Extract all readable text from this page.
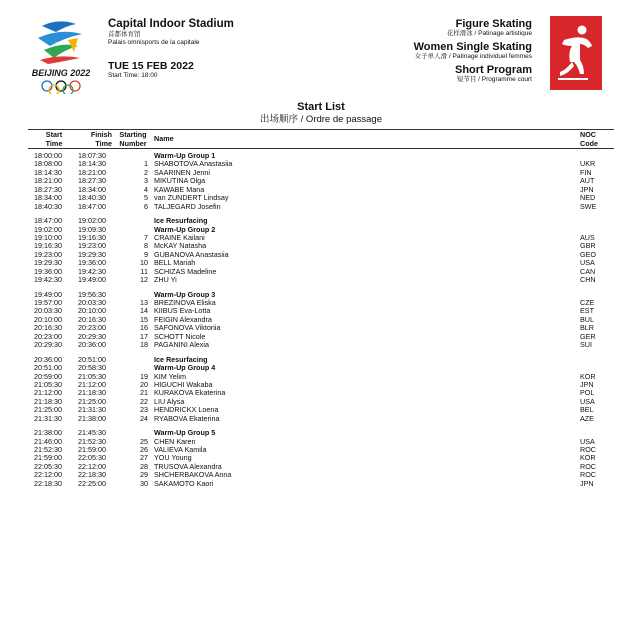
BEIJING 2022
Capital Indoor Stadium
首都体育馆
Palais omnisports de la capitale
TUE 15 FEB 2022
Start Time: 18:00
Figure Skating
花样滑冰 / Patinage artistique
Women Single Skating
女子单人滑 / Patinage individuel femmes
Short Program
短节目 / Programme court
Start List
出场顺序 / Ordre de passage
Start
Time
Finish
Time
Starting
Number	Name	NOC
Code
18:00:00 18:07:30	Warm-Up Group 1
18:08:00 18:14:30	1 SHABOTOVA Anastasiia	UKR
18:14:30 18:21:00	2 SAARINEN Jenni	FIN
18:21:00 18:27:30	3 MIKUTINA Olga	AUT
18:27:30 18:34:00	4 KAWABE Mana	JPN
18:34:00 18:40:30	5 van ZUNDERT Lindsay	NED
18:40:30 18:47:00	6 TALJEGARD Josefin	SWE
18:47:00 19:02:00	Ice Resurfacing
19:02:00 19:09:30	Warm-Up Group 2
19:10:00 19:16:30	7 CRAINE Kailani	AUS
19:16:30 19:23:00	8 McKAY Natasha	GBR
19:23:00 19:29:30	9 GUBANOVA Anastasiia	GEO
19:29:30 19:36:00	10 BELL Mariah	USA
19:36:00 19:42:30	11 SCHIZAS Madeline	CAN
19:42:30 19:49:00	12 ZHU Yi	CHN
19:49:00 19:56:30	Warm-Up Group 3
19:57:00 20:03:30	13 BREZINOVA Eliska	CZE
20:03:30 20:10:00	14 KIIBUS Eva-Lotta	EST
20:10:00 20:16:30	15 FEIGIN Alexandra	BUL
20:16:30 20:23:00	16 SAFONOVA Viktoriia	BLR
20:23:00 20:29:30	17 SCHOTT Nicole	GER
20:29:30 20:36:00	18 PAGANINI Alexia	SUI
20:36:00 20:51:00	Ice Resurfacing
20:51:00 20:58:30	Warm-Up Group 4
20:59:00 21:05:30	19 KIM Yelim	KOR
21:05:30 21:12:00	20 HIGUCHI Wakaba	JPN
21:12:00 21:18:30	21 KURAKOVA Ekaterina	POL
21:18:30 21:25:00	22 LIU Alysa	USA
21:25:00 21:31:30	23 HENDRICKX Loena	BEL
21:31:30 21:38:00	24 RYABOVA Ekaterina	AZE
21:38:00 21:45:30	Warm-Up Group 5
21:46:00 21:52:30	25 CHEN Karen	USA
21:52:30 21:59:00	26 VALIEVA Kamila	ROC
21:59:00 22:05:30	27 YOU Young	KOR
22:05:30 22:12:00	28 TRUSOVA Alexandra	ROC
22:12:00 22:18:30	29 SHCHERBAKOVA Anna	ROC
22:18:30 22:25:00	30 SAKAMOTO Kaori	JPN
